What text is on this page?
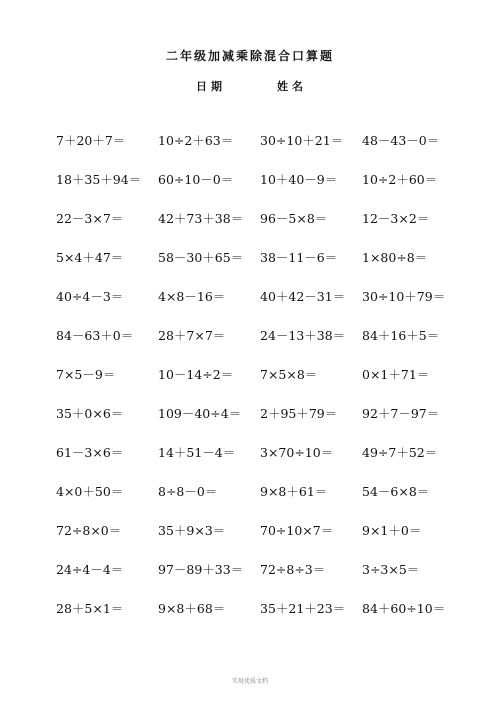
二年级加减乘除混合口算题
日期	姓名
7＋20＋7＝	10÷2＋63＝	30÷10＋21＝	48－43－0＝
18＋35＋94＝	60÷10－0＝	10＋40－9＝	10÷2＋60＝
22－3×7＝	42＋73＋38＝	96－5×8＝	12－3×2＝
5×4＋47＝	58－30＋65＝	38－11－6＝	1×80÷8＝
40÷4－3＝	4×8－16＝	40＋42－31＝	30÷10＋79＝
84－63＋0＝	28＋7×7＝	24－13＋38＝	84＋16＋5＝
7×5－9＝	10－14÷2＝	7×5×8＝	0×1＋71＝
35＋0×6＝	109－40÷4＝	2＋95＋79＝	92＋7－97＝
61－3×6＝	14＋51－4＝	3×70÷10＝	49÷7＋52＝
4×0＋50＝	8÷8－0＝	9×8＋61＝	54－6×8＝
72÷8×0＝	35＋9×3＝	70÷10×7＝	9×1＋0＝
24÷4－4＝	97－89＋33＝	72÷8÷3＝	3÷3×5＝
28＋5×1＝	9×8＋68＝	35＋21＋23＝	84＋60÷10＝
实用优质文档
